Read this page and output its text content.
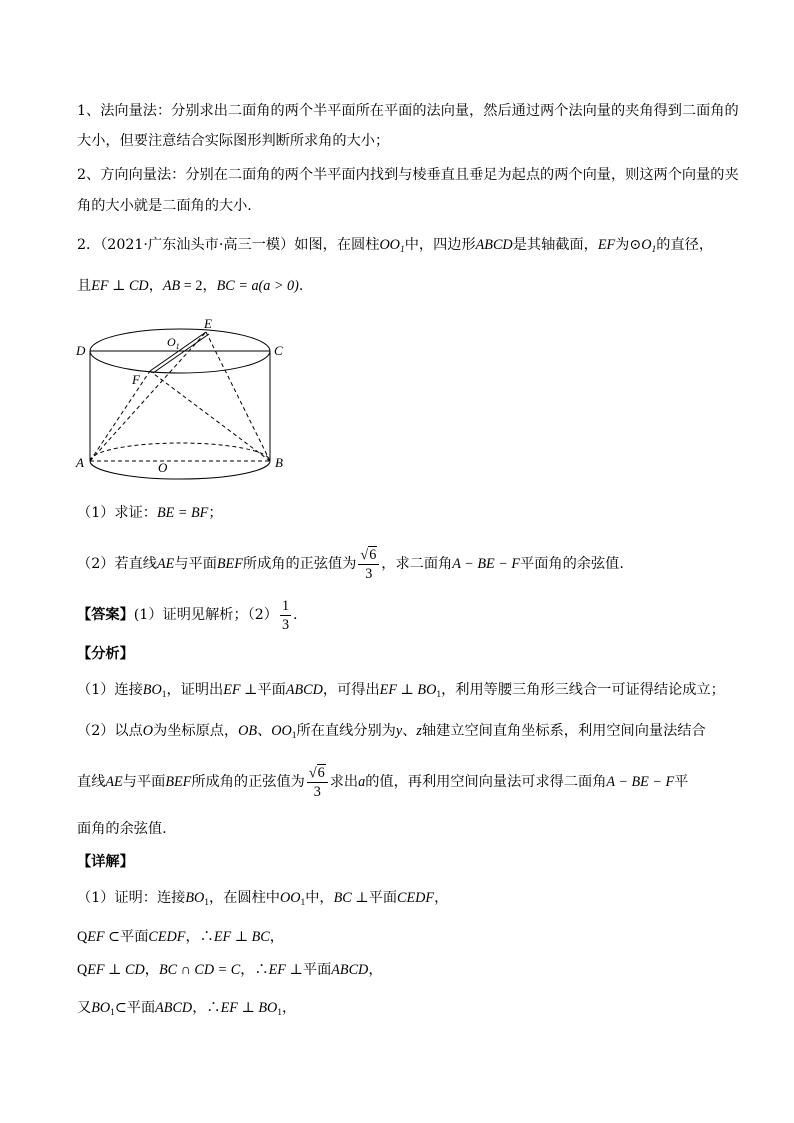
1、法向量法：分别求出二面角的两个半平面所在平面的法向量，然后通过两个法向量的夹角得到二面角的
大小，但要注意结合实际图形判断所求角的大小；
2、方向向量法：分别在二面角的两个半平面内找到与棱垂直且垂足为起点的两个向量，则这两个向量的夹
角的大小就是二面角的大小.
2．（2021·广东汕头市·高三一模）如图，在圆柱$OO_1$中，四边形ABCD是其轴截面，EF为$⊙O_1$的直径，
且EF ⊥ CD，AB = 2，BC = a(a > 0).
E
$O_1$
D	C
F
A	O	B
（1）求证：BE = BF；
（2）若直线AE与平面BEF所成角的正弦值为 $\frac{√6}{3}$ ，求二面角A − BE − F平面角的余弦值.
【答案】(1）证明见解析；$(2) \frac{1}{3}$ .
【分析】
（1）连接$BO_1$，证明出EF ⊥平面ABCD，可得出EF ⊥ $BO_1$，利用等腰三角形三线合一可证得结论成立；
（2）以点O为坐标原点，OB、$OO_1$所在直线分别为y、z轴建立空间直角坐标系，利用空间向量法结合
直线AE与平面BEF所成角的正弦值为 $\frac{√6}{3}$ 求出a的值，再利用空间向量法可求得二面角A − BE − F平
面角的余弦值.
【详解】
（1）证明：连接$BO_1$，在圆柱中$OO_1$中，BC ⊥平面CEDF，
QEF ⊂平面CEDF，∴EF ⊥ BC，
QEF ⊥ CD，BC ∩ CD = C，∴EF ⊥平面ABCD，
又$BO_1\subset$平面ABCD，∴EF ⊥ $BO_1$，
